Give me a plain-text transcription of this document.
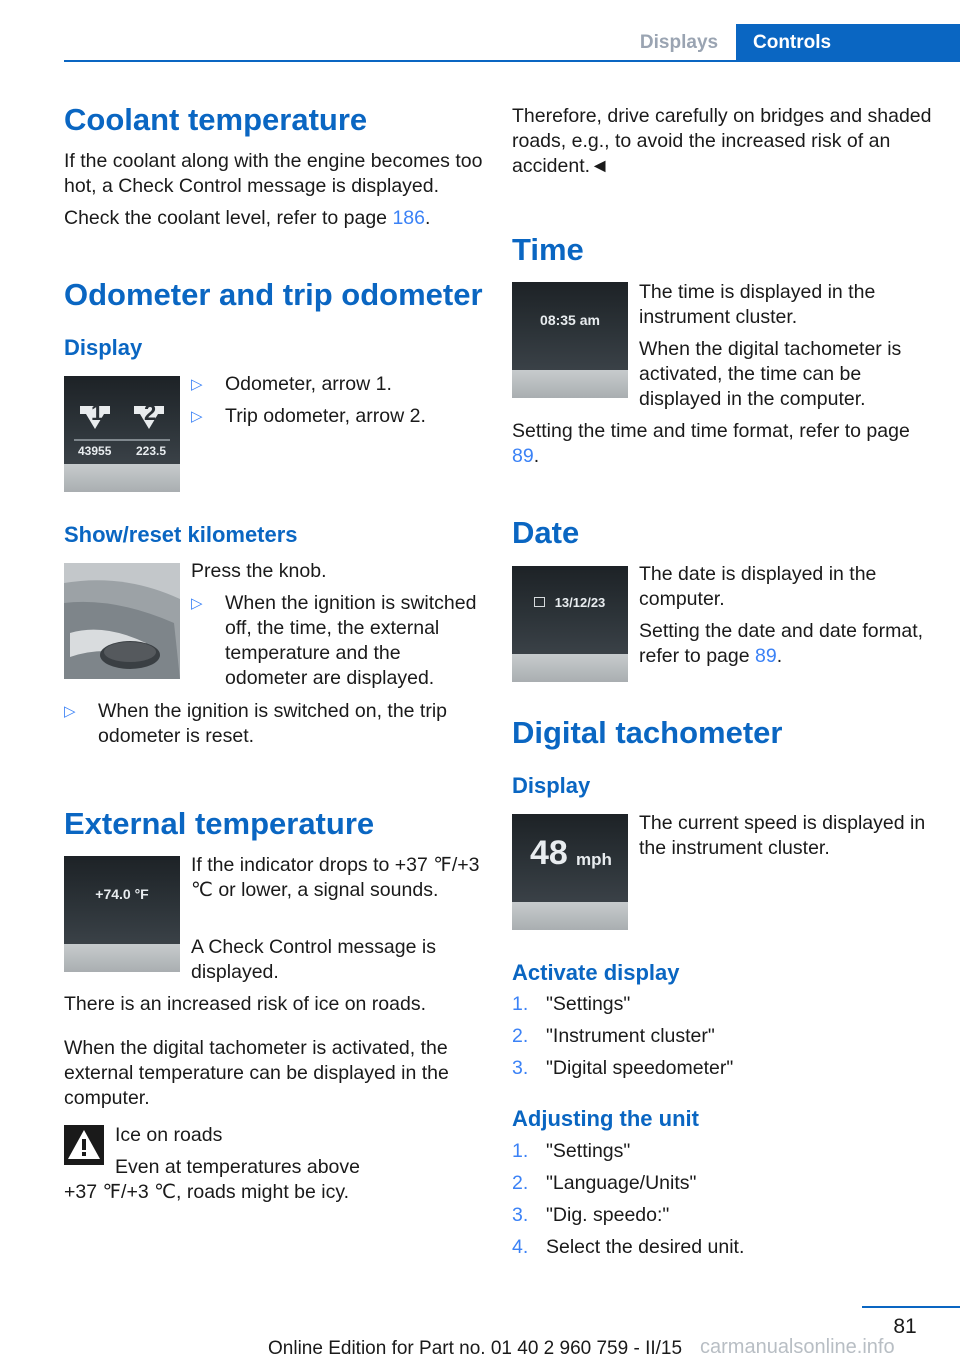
Displays	Controls
Coolant temperature
If the coolant along with the engine becomes too hot, a Check Control message is displayed.
Check the coolant level, refer to page 186.
Odometer and trip odometer
Display
1 2
43955 223.5
▷ Odometer, arrow 1.
▷ Trip odometer, arrow 2.
Show/reset kilometers
Press the knob.
▷ When the ignition is switched off, the time, the external temperature and the odometer are displayed.
▷ When the ignition is switched on, the trip odometer is reset.
External temperature
+74.0 °F
If the indicator drops to +37 ℉/+3 ℃ or lower, a signal sounds.
A Check Control message is displayed.
There is an increased risk of ice on roads.
When the digital tachometer is activated, the external temperature can be displayed in the computer.
Ice on roads
Even at temperatures above
+37 ℉/+3 ℃, roads might be icy.
Therefore, drive carefully on bridges and shaded roads, e.g., to avoid the increased risk of an accident.◄
Time
08:35 am
The time is displayed in the instrument cluster.
When the digital tachometer is activated, the time can be displayed in the computer.
Setting the time and time format, refer to page 89.
Date
13/12/23
The date is displayed in the computer.
Setting the date and date format, refer to page 89.
Digital tachometer
Display
48 mph
The current speed is displayed in the instrument cluster.
Activate display
1. "Settings"
2. "Instrument cluster"
3. "Digital speedometer"
Adjusting the unit
1. "Settings"
2. "Language/Units"
3. "Dig. speedo:"
4. Select the desired unit.
81
carmanualsonline.info
Online Edition for Part no. 01 40 2 960 759 - II/15
